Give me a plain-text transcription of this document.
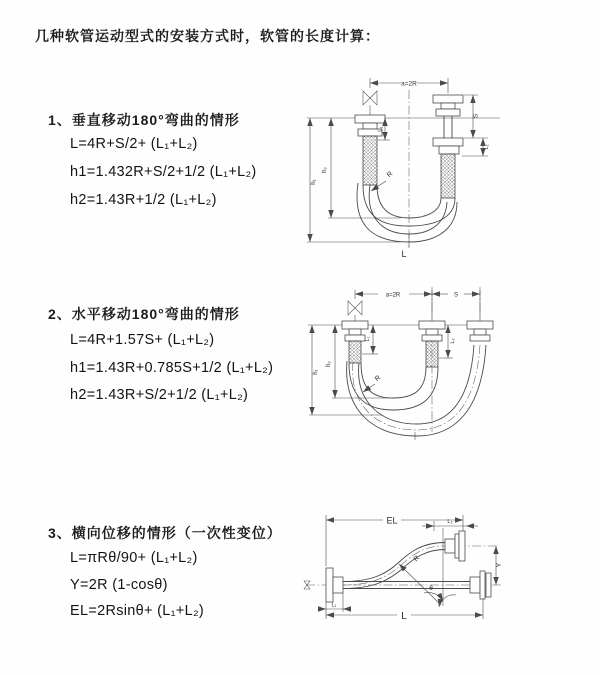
几种软管运动型式的安装方式时，软管的长度计算：
1、垂直移动180°弯曲的情形
L=4R+S/2+ (L₁+L₂)
h1=1.432R+S/2+1/2 (L₁+L₂)
h2=1.43R+1/2 (L₁+L₂)
a=2R
L₁
S
L₂
R
h₂
h₁
L
2、水平移动180°弯曲的情形
L=4R+1.57S+ (L₁+L₂)
h1=1.43R+0.785S+1/2 (L₁+L₂)
h2=1.43R+S/2+1/2 (L₁+L₂)
a=2R	S
L₁	L₂
R
h₂
h₁
3、横向位移的情形（一次性变位）
L=πRθ/90+ (L₁+L₂)
Y=2R (1-cosθ)
EL=2Rsinθ+ (L₁+L₂)
EL	L₂
R
θ
Y
L₁
L
